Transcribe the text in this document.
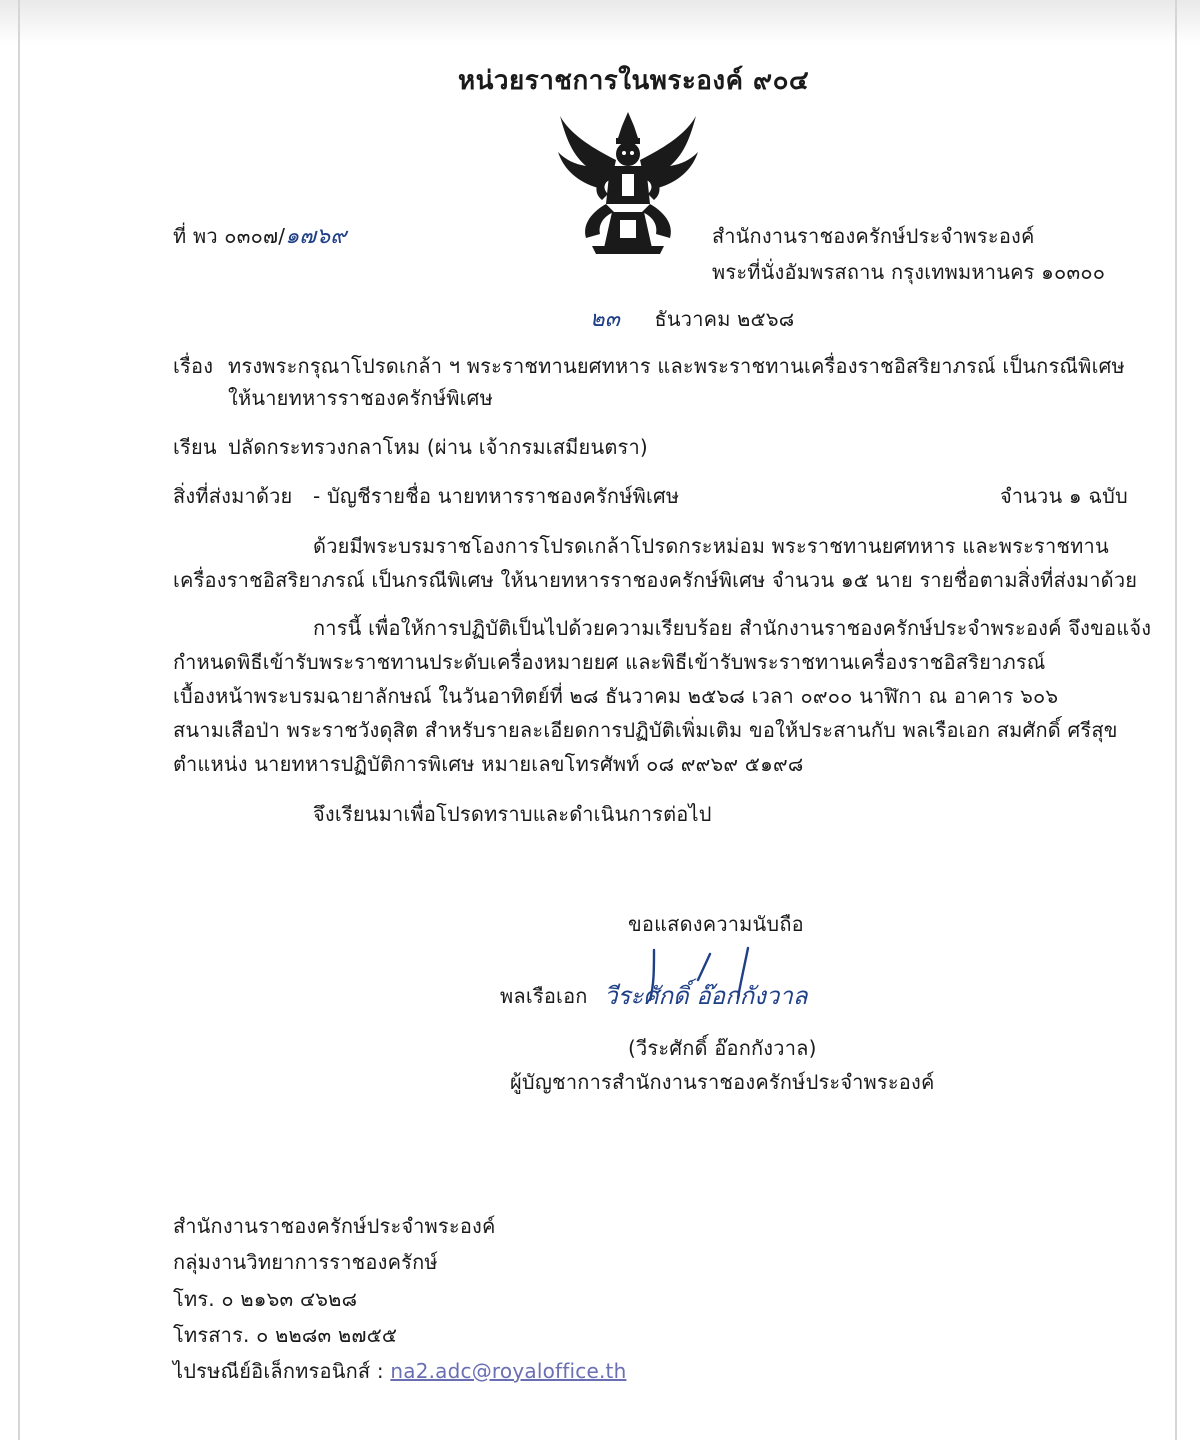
หน่วยราชการในพระองค์ ๙๐๔
ที่ พว ๐๓๐๗/๑๗๖๙	สำนักงานราชองครักษ์ประจำพระองค์
พระที่นั่งอัมพรสถาน กรุงเทพมหานคร ๑๐๓๐๐
๒๓ ธันวาคม ๒๕๖๘
เรื่อง ทรงพระกรุณาโปรดเกล้า ฯ พระราชทานยศทหาร และพระราชทานเครื่องราชอิสริยาภรณ์ เป็นกรณีพิเศษ
ให้นายทหารราชองครักษ์พิเศษ
เรียน ปลัดกระทรวงกลาโหม (ผ่าน เจ้ากรมเสมียนตรา)
สิ่งที่ส่งมาด้วย - บัญชีรายชื่อ นายทหารราชองครักษ์พิเศษ	จำนวน ๑ ฉบับ
ด้วยมีพระบรมราชโองการโปรดเกล้าโปรดกระหม่อม พระราชทานยศทหาร และพระราชทาน
เครื่องราชอิสริยาภรณ์ เป็นกรณีพิเศษ ให้นายทหารราชองครักษ์พิเศษ จำนวน ๑๕ นาย รายชื่อตามสิ่งที่ส่งมาด้วย
การนี้ เพื่อให้การปฏิบัติเป็นไปด้วยความเรียบร้อย สำนักงานราชองครักษ์ประจำพระองค์ จึงขอแจ้ง
กำหนดพิธีเข้ารับพระราชทานประดับเครื่องหมายยศ และพิธีเข้ารับพระราชทานเครื่องราชอิสริยาภรณ์
เบื้องหน้าพระบรมฉายาลักษณ์ ในวันอาทิตย์ที่ ๒๘ ธันวาคม ๒๕๖๘ เวลา ๐๙๐๐ นาฬิกา ณ อาคาร ๖๐๖
สนามเสือป่า พระราชวังดุสิต สำหรับรายละเอียดการปฏิบัติเพิ่มเติม ขอให้ประสานกับ พลเรือเอก สมศักดิ์ ศรีสุข
ตำแหน่ง นายทหารปฏิบัติการพิเศษ หมายเลขโทรศัพท์ ๐๘ ๙๙๖๙ ๕๑๙๘
จึงเรียนมาเพื่อโปรดทราบและดำเนินการต่อไป
ขอแสดงความนับถือ
พลเรือเอก วีระศักดิ์ อ๊อกกังวาล
(วีระศักดิ์ อ๊อกกังวาล)
ผู้บัญชาการสำนักงานราชองครักษ์ประจำพระองค์
สำนักงานราชองครักษ์ประจำพระองค์
กลุ่มงานวิทยาการราชองครักษ์
โทร. ๐ ๒๑๖๓ ๔๖๒๘
โทรสาร. ๐ ๒๒๘๓ ๒๗๕๕
ไปรษณีย์อิเล็กทรอนิกส์ : na2.adc@royaloffice.th
